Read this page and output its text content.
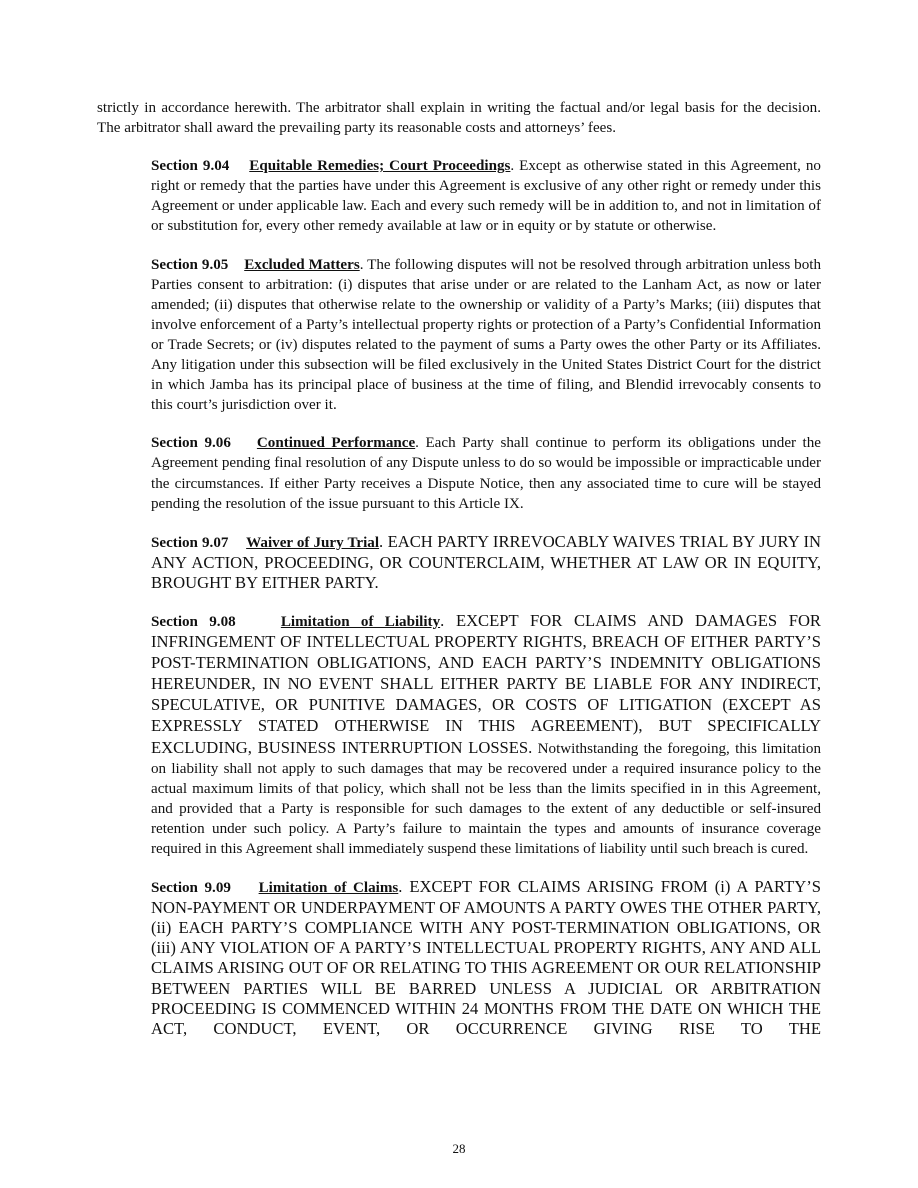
strictly in accordance herewith. The arbitrator shall explain in writing the factual and/or legal basis for the decision. The arbitrator shall award the prevailing party its reasonable costs and attorneys’ fees.

Section 9.04 Equitable Remedies; Court Proceedings. Except as otherwise stated in this Agreement, no right or remedy that the parties have under this Agreement is exclusive of any other right or remedy under this Agreement or under applicable law. Each and every such remedy will be in addition to, and not in limitation of or substitution for, every other remedy available at law or in equity or by statute or otherwise.

Section 9.05 Excluded Matters. The following disputes will not be resolved through arbitration unless both Parties consent to arbitration: (i) disputes that arise under or are related to the Lanham Act, as now or later amended; (ii) disputes that otherwise relate to the ownership or validity of a Party’s Marks; (iii) disputes that involve enforcement of a Party’s intellectual property rights or protection of a Party’s Confidential Information or Trade Secrets; or (iv) disputes related to the payment of sums a Party owes the other Party or its Affiliates. Any litigation under this subsection will be filed exclusively in the United States District Court for the district in which Jamba has its principal place of business at the time of filing, and Blendid irrevocably consents to this court’s jurisdiction over it.

Section 9.06 Continued Performance. Each Party shall continue to perform its obligations under the Agreement pending final resolution of any Dispute unless to do so would be impossible or impracticable under the circumstances. If either Party receives a Dispute Notice, then any associated time to cure will be stayed pending the resolution of the issue pursuant to this Article IX.

Section 9.07 Waiver of Jury Trial. EACH PARTY IRREVOCABLY WAIVES TRIAL BY JURY IN ANY ACTION, PROCEEDING, OR COUNTERCLAIM, WHETHER AT LAW OR IN EQUITY, BROUGHT BY EITHER PARTY.

Section 9.08	Limitation of Liability. EXCEPT FOR CLAIMS AND DAMAGES FOR INFRINGEMENT OF INTELLECTUAL PROPERTY RIGHTS, BREACH OF EITHER PARTY’S POST-TERMINATION OBLIGATIONS, AND EACH PARTY’S INDEMNITY OBLIGATIONS HEREUNDER, IN NO EVENT SHALL EITHER PARTY BE LIABLE FOR ANY INDIRECT, SPECULATIVE, OR PUNITIVE DAMAGES, OR COSTS OF LITIGATION (EXCEPT AS EXPRESSLY STATED OTHERWISE IN THIS AGREEMENT), BUT SPECIFICALLY EXCLUDING, BUSINESS INTERRUPTION LOSSES. Notwithstanding the foregoing, this limitation on liability shall not apply to such damages that may be recovered under a required insurance policy to the actual maximum limits of that policy, which shall not be less than the limits specified in in this Agreement, and provided that a Party is responsible for such damages to the extent of any deductible or self-insured retention under such policy. A Party’s failure to maintain the types and amounts of insurance coverage required in this Agreement shall immediately suspend these limitations of liability until such breach is cured.

Section 9.09 Limitation of Claims. EXCEPT FOR CLAIMS ARISING FROM (i) A PARTY’S NON-PAYMENT OR UNDERPAYMENT OF AMOUNTS A PARTY OWES THE OTHER PARTY, (ii) EACH PARTY’S COMPLIANCE WITH ANY POST-TERMINATION OBLIGATIONS, OR (iii) ANY VIOLATION OF A PARTY’S INTELLECTUAL PROPERTY RIGHTS, ANY AND ALL CLAIMS ARISING OUT OF OR RELATING TO THIS AGREEMENT OR OUR RELATIONSHIP BETWEEN PARTIES WILL BE BARRED UNLESS A JUDICIAL OR ARBITRATION PROCEEDING IS COMMENCED WITHIN 24 MONTHS FROM THE DATE ON WHICH THE ACT, CONDUCT, EVENT, OR OCCURRENCE GIVING RISE TO THE

28
